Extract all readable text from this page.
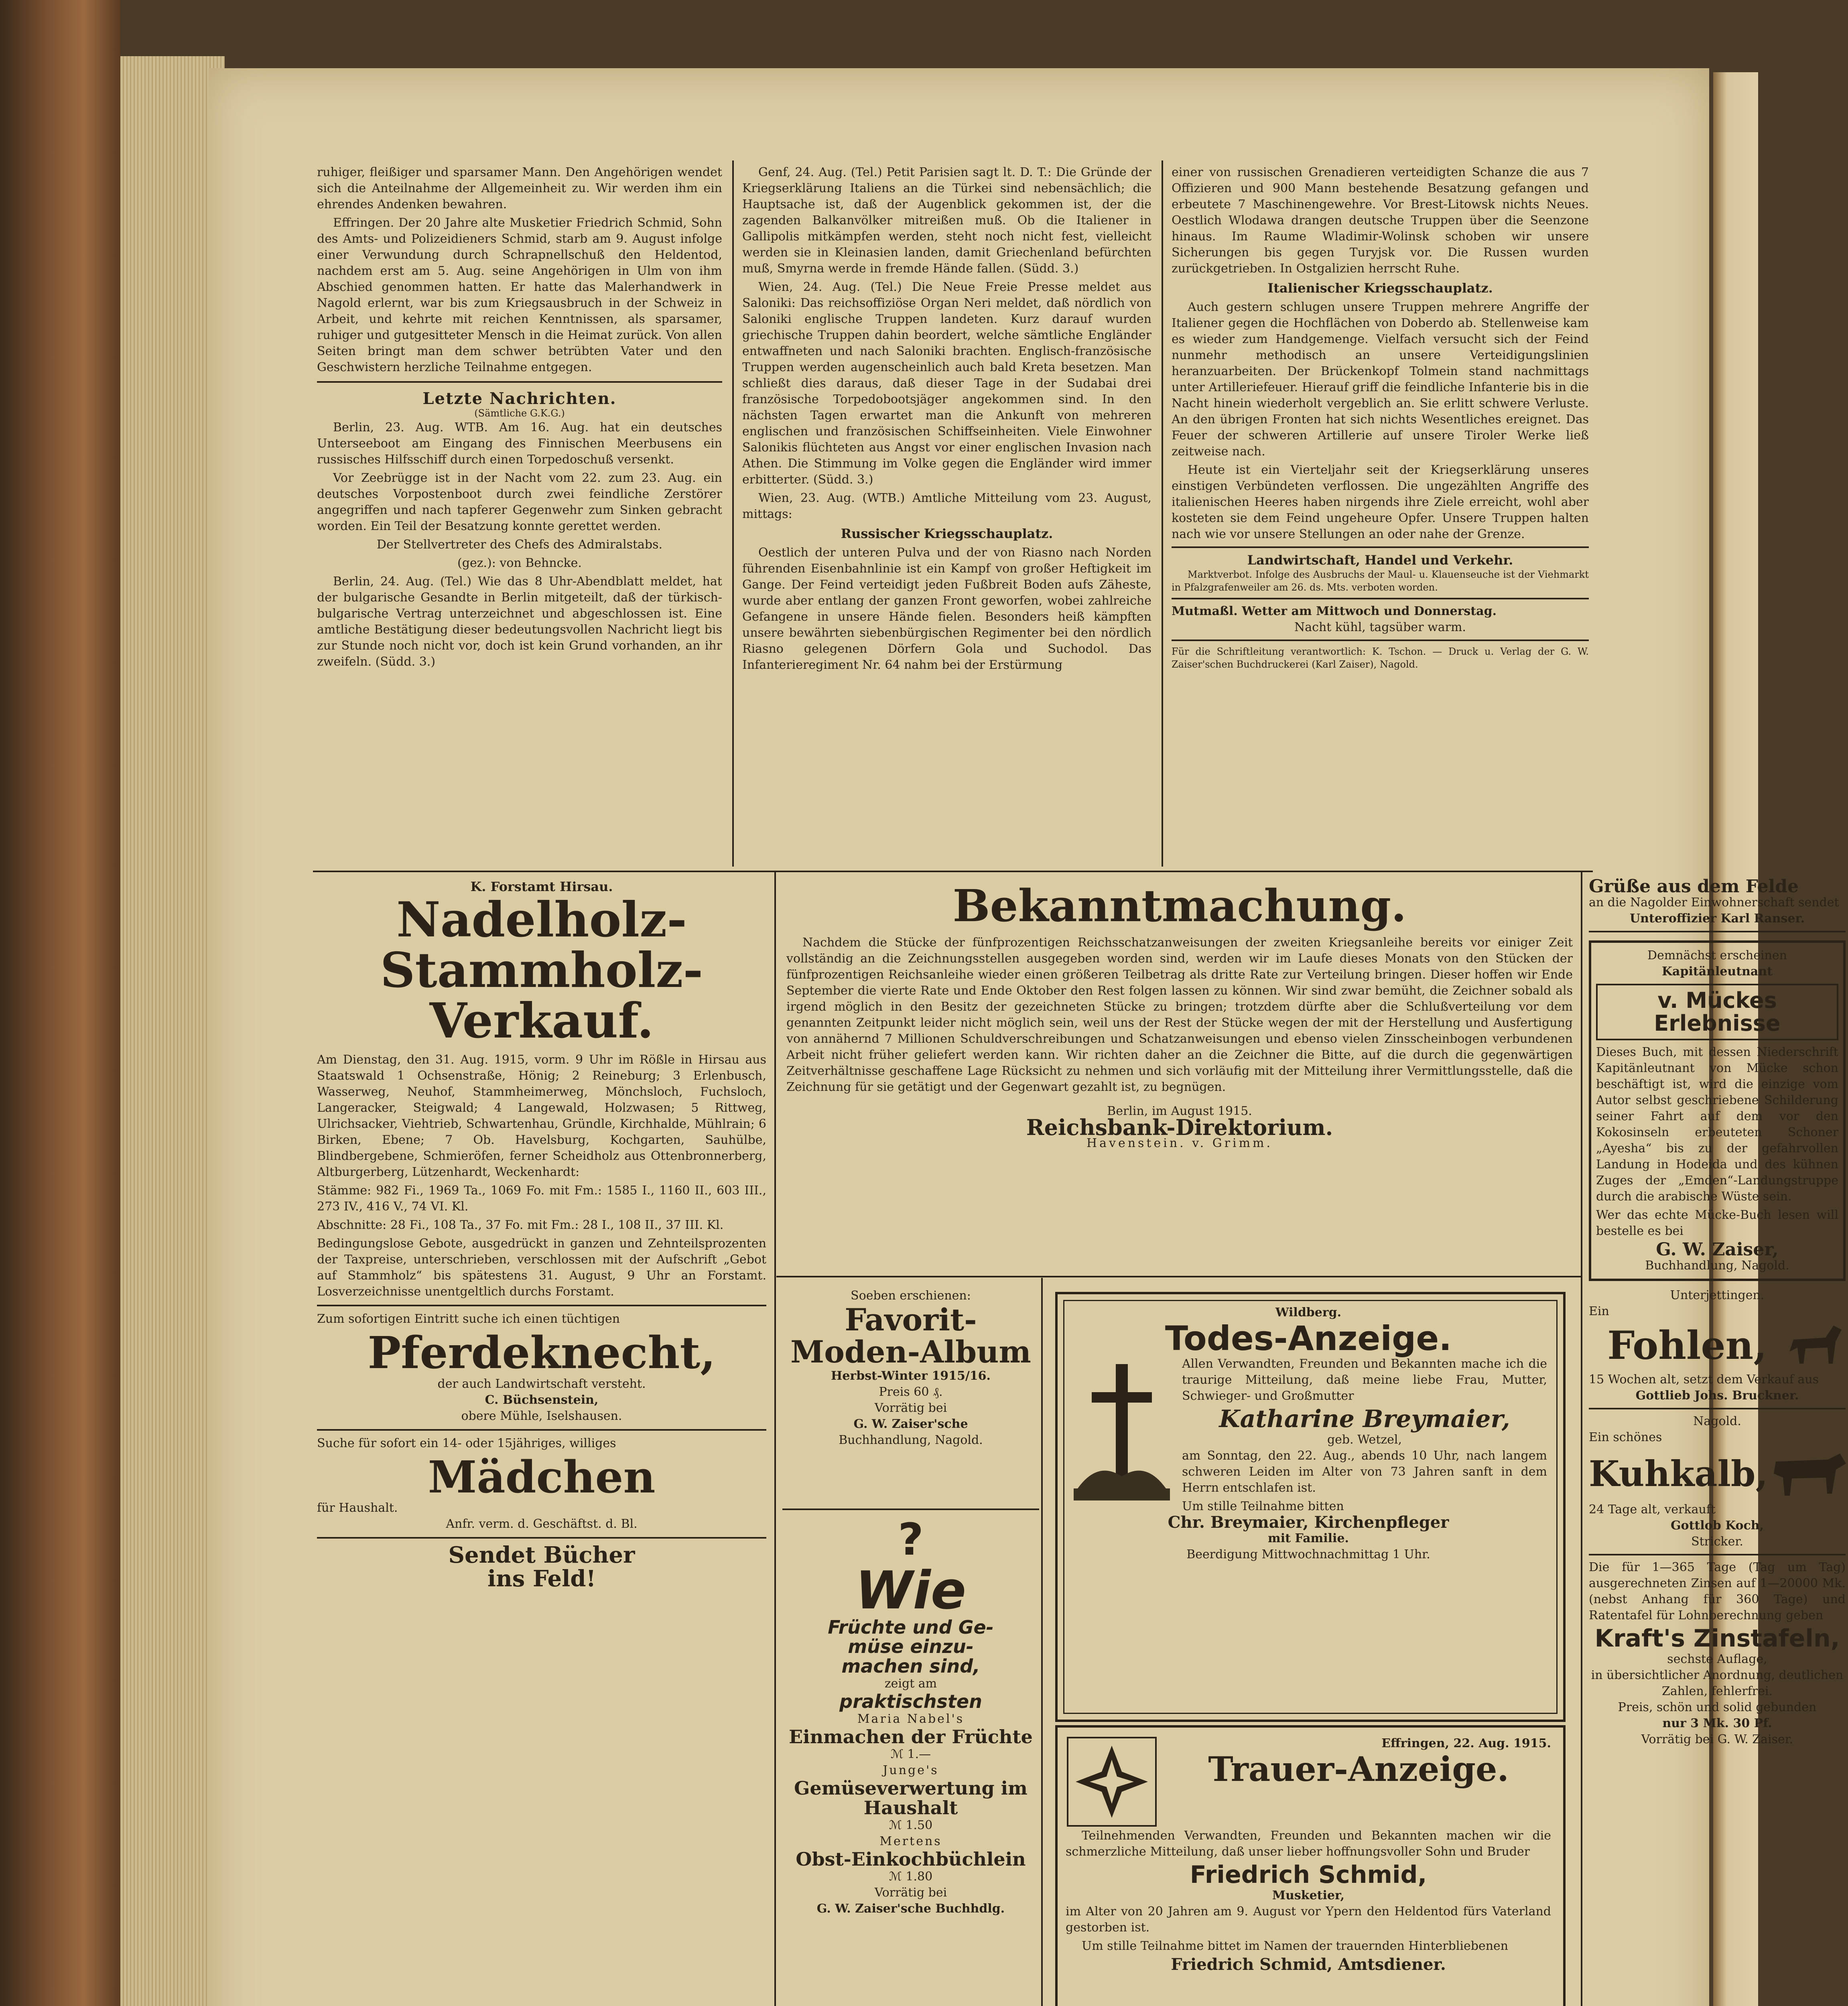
ruhiger, fleißiger und sparsamer Mann. Den Angehörigen wendet sich die Anteilnahme der Allgemeinheit zu. Wir werden ihm ein ehrendes Andenken bewahren.

Effringen. Der 20 Jahre alte Musketier Friedrich Schmid, Sohn des Amts- und Polizeidieners Schmid, starb am 9. August infolge einer Verwundung durch Schrapnellschuß den Heldentod, nachdem erst am 5. Aug. seine Angehörigen in Ulm von ihm Abschied genommen hatten. Er hatte das Malerhandwerk in Nagold erlernt, war bis zum Kriegsausbruch in der Schweiz in Arbeit, und kehrte mit reichen Kenntnissen, als sparsamer, ruhiger und gutgesitteter Mensch in die Heimat zurück. Von allen Seiten bringt man dem schwer betrübten Vater und den Geschwistern herzliche Teilnahme entgegen.

Letzte Nachrichten.
(Sämtliche G.K.G.)

Berlin, 23. Aug. WTB. Am 16. Aug. hat ein deutsches Unterseeboot am Eingang des Finnischen Meerbusens ein russisches Hilfsschiff durch einen Torpedoschuß versenkt.

Vor Zeebrügge ist in der Nacht vom 22. zum 23. Aug. ein deutsches Vorpostenboot durch zwei feindliche Zerstörer angegriffen und nach tapferer Gegenwehr zum Sinken gebracht worden. Ein Teil der Besatzung konnte gerettet werden.

Der Stellvertreter des Chefs des Admiralstabs.

(gez.): von Behncke.

Berlin, 24. Aug. (Tel.) Wie das 8 Uhr-Abendblatt meldet, hat der bulgarische Gesandte in Berlin mitgeteilt, daß der türkisch-bulgarische Vertrag unterzeichnet und abgeschlossen ist. Eine amtliche Bestätigung dieser bedeutungsvollen Nachricht liegt bis zur Stunde noch nicht vor, doch ist kein Grund vorhanden, an ihr zweifeln. (Südd. 3.)

Genf, 24. Aug. (Tel.) Petit Parisien sagt lt. D. T.: Die Gründe der Kriegserklärung Italiens an die Türkei sind nebensächlich; die Hauptsache ist, daß der Augenblick gekommen ist, der die zagenden Balkanvölker mitreißen muß. Ob die Italiener in Gallipolis mitkämpfen werden, steht noch nicht fest, vielleicht werden sie in Kleinasien landen, damit Griechenland befürchten muß, Smyrna werde in fremde Hände fallen. (Südd. 3.)

Wien, 24. Aug. (Tel.) Die Neue Freie Presse meldet aus Saloniki: Das reichsoffiziöse Organ Neri meldet, daß nördlich von Saloniki englische Truppen landeten. Kurz darauf wurden griechische Truppen dahin beordert, welche sämtliche Engländer entwaffneten und nach Saloniki brachten. Englisch-französische Truppen werden augenscheinlich auch bald Kreta besetzen. Man schließt dies daraus, daß dieser Tage in der Sudabai drei französische Torpedobootsjäger angekommen sind. In den nächsten Tagen erwartet man die Ankunft von mehreren englischen und französischen Schiffseinheiten. Viele Einwohner Salonikis flüchteten aus Angst vor einer englischen Invasion nach Athen. Die Stimmung im Volke gegen die Engländer wird immer erbitterter. (Südd. 3.)

Wien, 23. Aug. (WTB.) Amtliche Mitteilung vom 23. August, mittags:

Russischer Kriegsschauplatz.

Oestlich der unteren Pulva und der von Riasno nach Norden führenden Eisenbahnlinie ist ein Kampf von großer Heftigkeit im Gange. Der Feind verteidigt jeden Fußbreit Boden aufs Zäheste, wurde aber entlang der ganzen Front geworfen, wobei zahlreiche Gefangene in unsere Hände fielen. Besonders heiß kämpften unsere bewährten siebenbürgischen Regimenter bei den nördlich Riasno gelegenen Dörfern Gola und Suchodol. Das Infanterieregiment Nr. 64 nahm bei der Erstürmung

einer von russischen Grenadieren verteidigten Schanze die aus 7 Offizieren und 900 Mann bestehende Besatzung gefangen und erbeutete 7 Maschinengewehre. Vor Brest-Litowsk nichts Neues. Oestlich Wlodawa drangen deutsche Truppen über die Seenzone hinaus. Im Raume Wladimir-Wolinsk schoben wir unsere Sicherungen bis gegen Turyjsk vor. Die Russen wurden zurückgetrieben. In Ostgalizien herrscht Ruhe.

Italienischer Kriegsschauplatz.

Auch gestern schlugen unsere Truppen mehrere Angriffe der Italiener gegen die Hochflächen von Doberdo ab. Stellenweise kam es wieder zum Handgemenge. Vielfach versucht sich der Feind nunmehr methodisch an unsere Verteidigungslinien heranzuarbeiten. Der Brückenkopf Tolmein stand nachmittags unter Artilleriefeuer. Hierauf griff die feindliche Infanterie bis in die Nacht hinein wiederholt vergeblich an. Sie erlitt schwere Verluste. An den übrigen Fronten hat sich nichts Wesentliches ereignet. Das Feuer der schweren Artillerie auf unsere Tiroler Werke ließ zeitweise nach.

Heute ist ein Vierteljahr seit der Kriegserklärung unseres einstigen Verbündeten verflossen. Die ungezählten Angriffe des italienischen Heeres haben nirgends ihre Ziele erreicht, wohl aber kosteten sie dem Feind ungeheure Opfer. Unsere Truppen halten nach wie vor unsere Stellungen an oder nahe der Grenze.

Landwirtschaft, Handel und Verkehr.

Marktverbot. Infolge des Ausbruchs der Maul- u. Klauenseuche ist der Viehmarkt in Pfalzgrafenweiler am 26. ds. Mts. verboten worden.

Mutmaßl. Wetter am Mittwoch und Donnerstag.
Nacht kühl, tagsüber warm.

Für die Schriftleitung verantwortlich: K. Tschon. — Druck u. Verlag der G. W. Zaiser'schen Buchdruckerei (Karl Zaiser), Nagold.

K. Forstamt Hirsau.
Nadelholz-
Stammholz-
Verkauf.

Am Dienstag, den 31. Aug. 1915, vorm. 9 Uhr im Rößle in Hirsau aus Staatswald 1 Ochsenstraße, Hönig; 2 Reineburg; 3 Erlenbusch, Wasserweg, Neuhof, Stammheimerweg, Mönchsloch, Fuchsloch, Langeracker, Steigwald; 4 Langewald, Holzwasen; 5 Rittweg, Ulrichsacker, Viehtrieb, Schwartenhau, Gründle, Kirchhalde, Mühlrain; 6 Birken, Ebene; 7 Ob. Havelsburg, Kochgarten, Sauhülbe, Blindbergebene, Schmieröfen, ferner Scheidholz aus Ottenbronnerberg, Altburgerberg, Lützenhardt, Weckenhardt:

Stämme: 982 Fi., 1969 Ta., 1069 Fo. mit Fm.: 1585 I., 1160 II., 603 III., 273 IV., 416 V., 74 VI. Kl.

Abschnitte: 28 Fi., 108 Ta., 37 Fo. mit Fm.: 28 I., 108 II., 37 III. Kl.

Bedingungslose Gebote, ausgedrückt in ganzen und Zehnteilsprozenten der Taxpreise, unterschrieben, verschlossen mit der Aufschrift „Gebot auf Stammholz“ bis spätestens 31. August, 9 Uhr an Forstamt. Losverzeichnisse unentgeltlich durchs Forstamt.

Zum sofortigen Eintritt suche ich einen tüchtigen

Pferdeknecht,
der auch Landwirtschaft versteht.
C. Büchsenstein,
obere Mühle, Iselshausen.

Suche für sofort ein 14- oder 15jähriges, williges

Mädchen
für Haushalt.
Anfr. verm. d. Geschäftst. d. Bl.
Sendet Bücher
ins Feld!
Bekanntmachung.

Nachdem die Stücke der fünfprozentigen Reichsschatzanweisungen der zweiten Kriegsanleihe bereits vor einiger Zeit vollständig an die Zeichnungsstellen ausgegeben worden sind, werden wir im Laufe dieses Monats von den Stücken der fünfprozentigen Reichsanleihe wieder einen größeren Teilbetrag als dritte Rate zur Verteilung bringen. Dieser hoffen wir Ende September die vierte Rate und Ende Oktober den Rest folgen lassen zu können. Wir sind zwar bemüht, die Zeichner sobald als irgend möglich in den Besitz der gezeichneten Stücke zu bringen; trotzdem dürfte aber die Schlußverteilung vor dem genannten Zeitpunkt leider nicht möglich sein, weil uns der Rest der Stücke wegen der mit der Herstellung und Ausfertigung von annähernd 7 Millionen Schuldverschreibungen und Schatzanweisungen und ebenso vielen Zinsscheinbogen verbundenen Arbeit nicht früher geliefert werden kann. Wir richten daher an die Zeichner die Bitte, auf die durch die gegenwärtigen Zeitverhältnisse geschaffene Lage Rücksicht zu nehmen und sich vorläufig mit der Mitteilung ihrer Vermittlungsstelle, daß die Zeichnung für sie getätigt und der Gegenwart gezahlt ist, zu begnügen.

Berlin, im August 1915.
Reichsbank-Direktorium.
Havenstein. v. Grimm.
Soeben erschienen:
Favorit-
Moden-Album
Herbst-Winter 1915/16.
Preis 60 ₰.
Vorrätig bei
G. W. Zaiser'sche
Buchhandlung, Nagold.
?
Wie
Früchte und Ge-
müse einzu-
machen sind,
zeigt am
praktischsten
Maria Nabel's
Einmachen der Früchte
ℳ 1.—
Junge's
Gemüseverwertung im
Haushalt
ℳ 1.50
Mertens
Obst-Einkochbüchlein
ℳ 1.80
Vorrätig bei
G. W. Zaiser'sche Buchhdlg.
Wildberg.
Todes-Anzeige.

Allen Verwandten, Freunden und Bekannten mache ich die traurige Mitteilung, daß meine liebe Frau, Mutter, Schwieger- und Großmutter

Katharine Breymaier,
geb. Wetzel,

am Sonntag, den 22. Aug., abends 10 Uhr, nach langem schweren Leiden im Alter von 73 Jahren sanft in dem Herrn entschlafen ist.

Um stille Teilnahme bitten
Chr. Breymaier, Kirchenpfleger
mit Familie.
Beerdigung Mittwochnachmittag 1 Uhr.
Effringen, 22. Aug. 1915.
Trauer-Anzeige.

Teilnehmenden Verwandten, Freunden und Bekannten machen wir die schmerzliche Mitteilung, daß unser lieber hoffnungsvoller Sohn und Bruder

Friedrich Schmid,
Musketier,

im Alter von 20 Jahren am 9. August vor Ypern den Heldentod fürs Vaterland gestorben ist.

Um stille Teilnahme bittet im Namen der trauernden Hinterbliebenen

Friedrich Schmid, Amtsdiener.
Grüße aus dem Felde
an die Nagolder Einwohnerschaft sendet
Unteroffizier Karl Ranser.
Demnächst erscheinen
Kapitänleutnant
v. Mückes Erlebnisse

Dieses Buch, mit dessen Niederschrift Kapitänleutnant von Mücke schon beschäftigt ist, wird die einzige vom Autor selbst geschriebene Schilderung seiner Fahrt auf dem vor den Kokosinseln erbeuteten Schoner „Ayesha“ bis zu der gefahrvollen Landung in Hodeida und des kühnen Zuges der „Emden“-Landungstruppe durch die arabische Wüste sein.

Wer das echte Mücke-Buch lesen will bestelle es bei

G. W. Zaiser,
Buchhandlung, Nagold.
Unterjettingen.
Ein
Fohlen,
15 Wochen alt, setzt dem Verkauf aus
Gottlieb Johs. Bruckner.
Nagold.
Ein schönes
Kuhkalb,
24 Tage alt, verkauft
Gottlob Koch,
Stricker.

Die für 1—365 Tage (Tag um Tag) ausgerechneten Zinsen auf 1—20000 Mk. (nebst Anhang für 360 Tage) und Ratentafel für Lohnberechnung geben

Kraft's Zinstafeln,
sechste Auflage,
in übersichtlicher Anordnung, deutlichen Zahlen, fehlerfrei.
Preis, schön und solid gebunden
nur 3 Mk. 30 Pf.
Vorrätig bei G. W. Zaiser.
